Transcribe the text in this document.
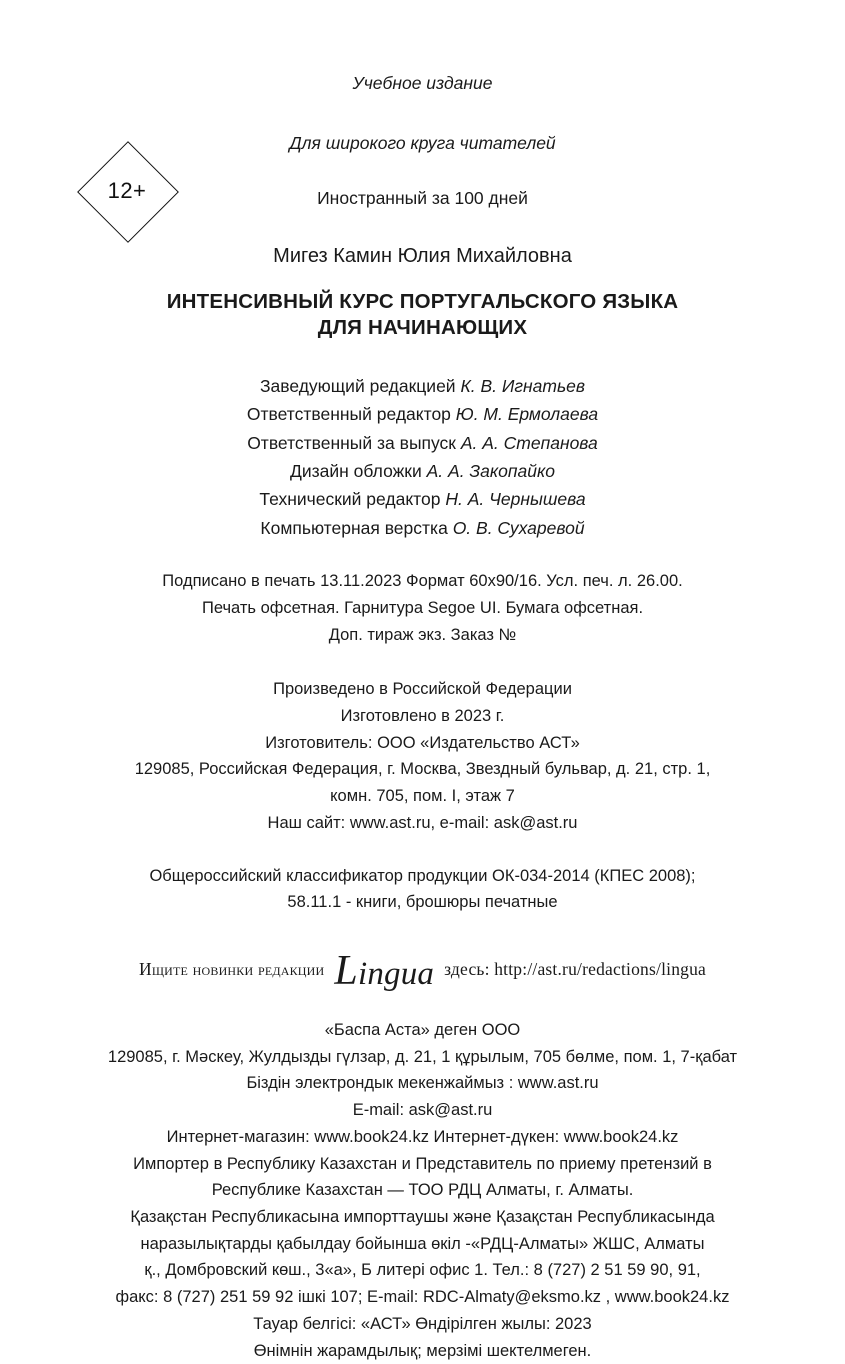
12+
Учебное издание
Для широкого круга читателей
Иностранный за 100 дней
Мигез Камин Юлия Михайловна
ИНТЕНСИВНЫЙ КУРС ПОРТУГАЛЬСКОГО ЯЗЫКА
ДЛЯ НАЧИНАЮЩИХ
Заведующий редакцией К. В. Игнатьев
Ответственный редактор Ю. М. Ермолаева
Ответственный за выпуск А. А. Степанова
Дизайн обложки А. А. Закопайко
Технический редактор Н. А. Чернышева
Компьютерная верстка О. В. Сухаревой
Подписано в печать 13.11.2023 Формат 60х90/16. Усл. печ. л. 26.00.
Печать офсетная. Гарнитура Segoe UI. Бумага офсетная.
Доп. тираж экз. Заказ №
Произведено в Российской Федерации
Изготовлено в 2023 г.
Изготовитель: ООО «Издательство АСТ»
129085, Российская Федерация, г. Москва, Звездный бульвар, д. 21, стр. 1,
комн. 705, пом. I, этаж 7
Наш сайт: www.ast.ru, e-mail: ask@ast.ru
Общероссийский классификатор продукции ОК-034-2014 (КПЕС 2008);
58.11.1 - книги, брошюры печатные
Ищите новинки редакции Lingua здесь: http://ast.ru/redactions/lingua
«Баспа Аста» деген ООО
129085, г. Мәскеу, Жулдызды гүлзар, д. 21, 1 құрылым, 705 бөлме, пом. 1, 7-қабат
Біздін электрондык мекенжаймыз : www.ast.ru
E-mail: ask@ast.ru
Интернет-магазин: www.book24.kz Интернет-дүкен: www.book24.kz
Импортер в Республику Казахстан и Представитель по приему претензий в
Республике Казахстан — ТОО РДЦ Алматы, г. Алматы.
Қазақстан Республикасына импорттаушы және Қазақстан Республикасында
наразылықтарды қабылдау бойынша өкіл -«РДЦ-Алматы» ЖШС, Алматы
қ., Домбровский көш., 3«а», Б литері офис 1. Тел.: 8 (727) 2 51 59 90, 91,
факс: 8 (727) 251 59 92 ішкі 107; E-mail: RDC-Almaty@eksmo.kz , www.book24.kz
Тауар белгісі: «АСТ» Өндірілген жылы: 2023
Өнімнін жарамдылық; мерзімі шектелмеген.
